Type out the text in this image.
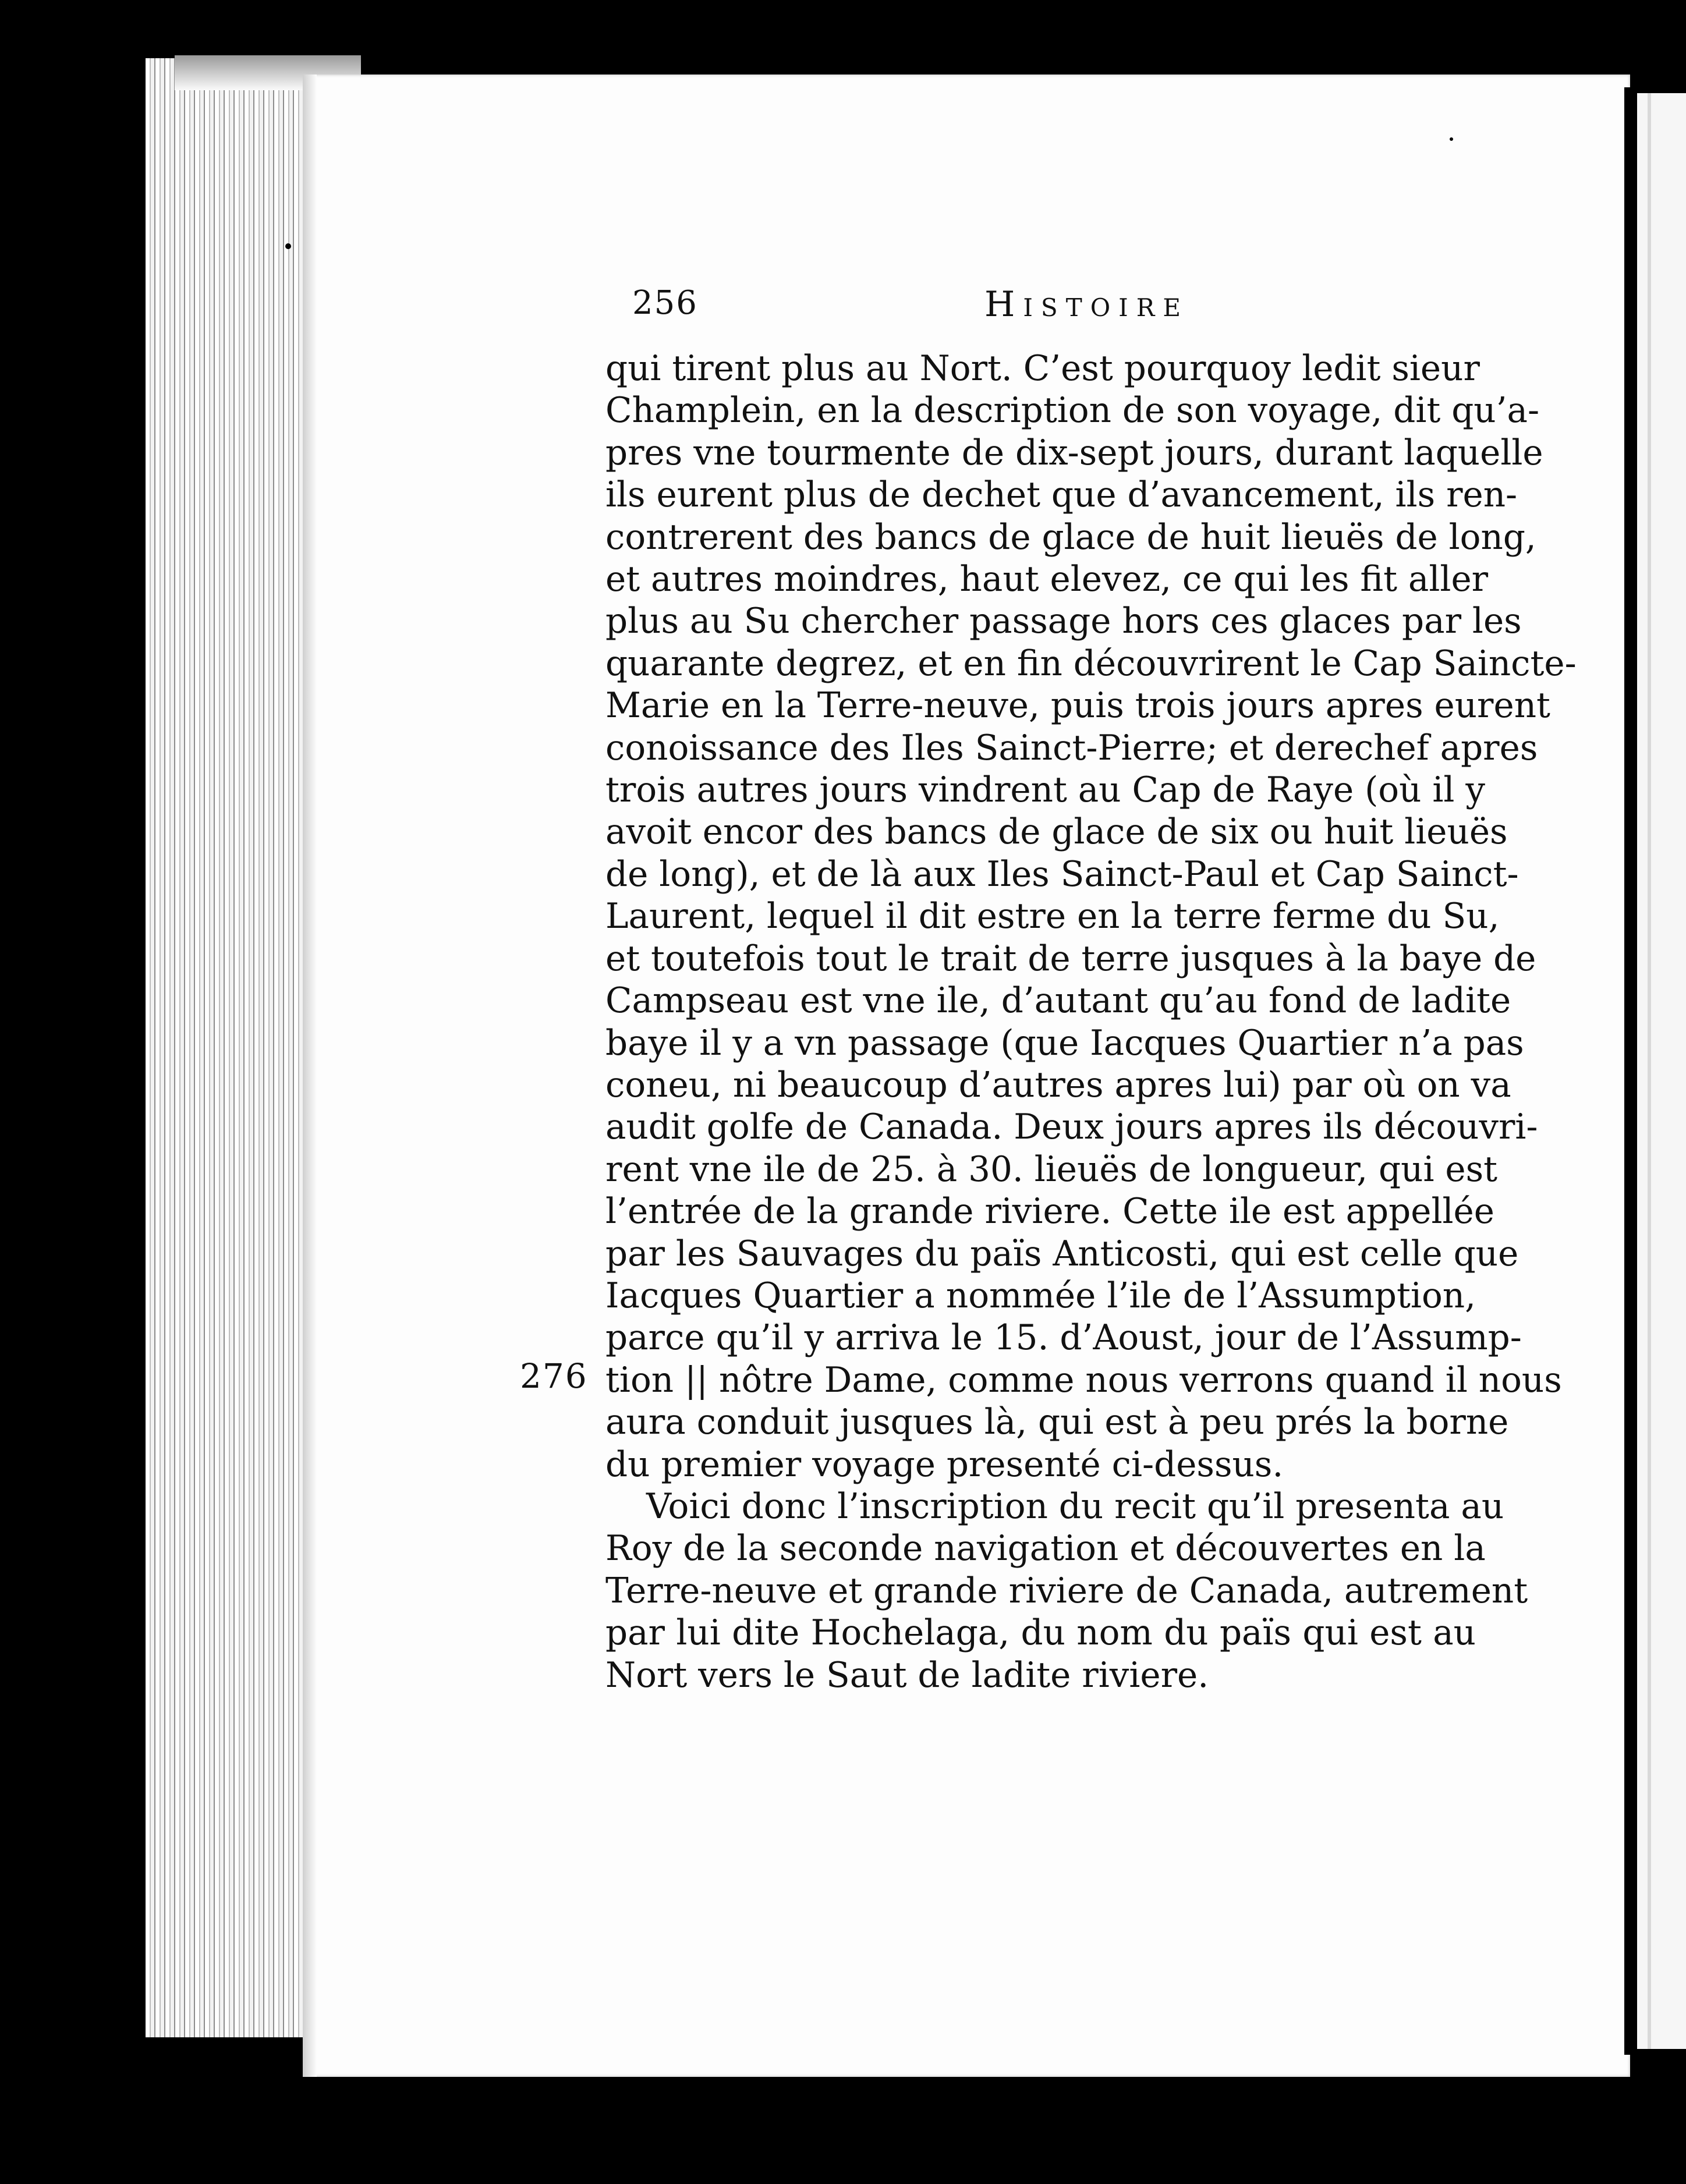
256	Histoire
276
qui tirent plus au Nort. C’est pourquoy ledit sieur
Champlein, en la description de son voyage, dit qu’a-
pres vne tourmente de dix-sept jours, durant laquelle
ils eurent plus de dechet que d’avancement, ils ren-
contrerent des bancs de glace de huit lieuës de long,
et autres moindres, haut elevez, ce qui les fit aller
plus au Su chercher passage hors ces glaces par les
quarante degrez, et en fin découvrirent le Cap Saincte-
Marie en la Terre-neuve, puis trois jours apres eurent
conoissance des Iles Sainct-Pierre; et derechef apres
trois autres jours vindrent au Cap de Raye (où il y
avoit encor des bancs de glace de six ou huit lieuës
de long), et de là aux Iles Sainct-Paul et Cap Sainct-
Laurent, lequel il dit estre en la terre ferme du Su,
et toutefois tout le trait de terre jusques à la baye de
Campseau est vne ile, d’autant qu’au fond de ladite
baye il y a vn passage (que Iacques Quartier n’a pas
coneu, ni beaucoup d’autres apres lui) par où on va
audit golfe de Canada. Deux jours apres ils découvri-
rent vne ile de 25. à 30. lieuës de longueur, qui est
l’entrée de la grande riviere. Cette ile est appellée
par les Sauvages du païs Anticosti, qui est celle que
Iacques Quartier a nommée l’ile de l’Assumption,
parce qu’il y arriva le 15. d’Aoust, jour de l’Assump-
tion || nôtre Dame, comme nous verrons quand il nous
aura conduit jusques là, qui est à peu prés la borne
du premier voyage presenté ci-dessus.
Voici donc l’inscription du recit qu’il presenta au
Roy de la seconde navigation et découvertes en la
Terre-neuve et grande riviere de Canada, autrement
par lui dite Hochelaga, du nom du païs qui est au
Nort vers le Saut de ladite riviere.
